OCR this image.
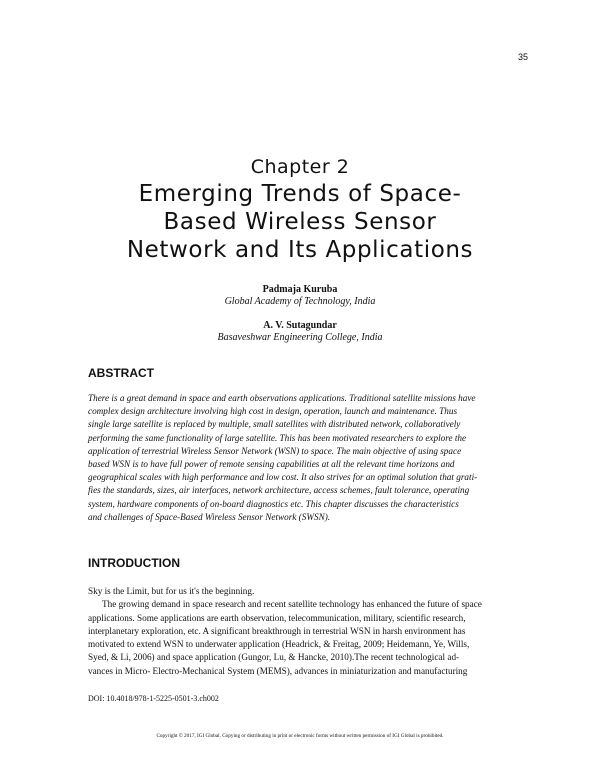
35
Chapter 2
Emerging Trends of Space-
Based Wireless Sensor
Network and Its Applications
Padmaja Kuruba
Global Academy of Technology, India
A. V. Sutagundar
Basaveshwar Engineering College, India
ABSTRACT
There is a great demand in space and earth observations applications. Traditional satellite missions have
complex design architecture involving high cost in design, operation, launch and maintenance. Thus
single large satellite is replaced by multiple, small satellites with distributed network, collaboratively
performing the same functionality of large satellite. This has been motivated researchers to explore the
application of terrestrial Wireless Sensor Network (WSN) to space. The main objective of using space
based WSN is to have full power of remote sensing capabilities at all the relevant time horizons and
geographical scales with high performance and low cost. It also strives for an optimal solution that grati-
fies the standards, sizes, air interfaces, network architecture, access schemes, fault tolerance, operating
system, hardware components of on-board diagnostics etc. This chapter discusses the characteristics
and challenges of Space-Based Wireless Sensor Network (SWSN).
INTRODUCTION
Sky is the Limit, but for us it's the beginning.
The growing demand in space research and recent satellite technology has enhanced the future of space
applications. Some applications are earth observation, telecommunication, military, scientific research,
interplanetary exploration, etc. A significant breakthrough in terrestrial WSN in harsh environment has
motivated to extend WSN to underwater application (Headrick, & Freitag, 2009; Heidemann, Ye, Wills,
Syed, & Li, 2006) and space application (Gungor, Lu, & Hancke, 2010).The recent technological ad-
vances in Micro- Electro-Mechanical System (MEMS), advances in miniaturization and manufacturing
DOI: 10.4018/978-1-5225-0501-3.ch002
Copyright © 2017, IGI Global. Copying or distributing in print or electronic forms without written permission of IGI Global is prohibited.
